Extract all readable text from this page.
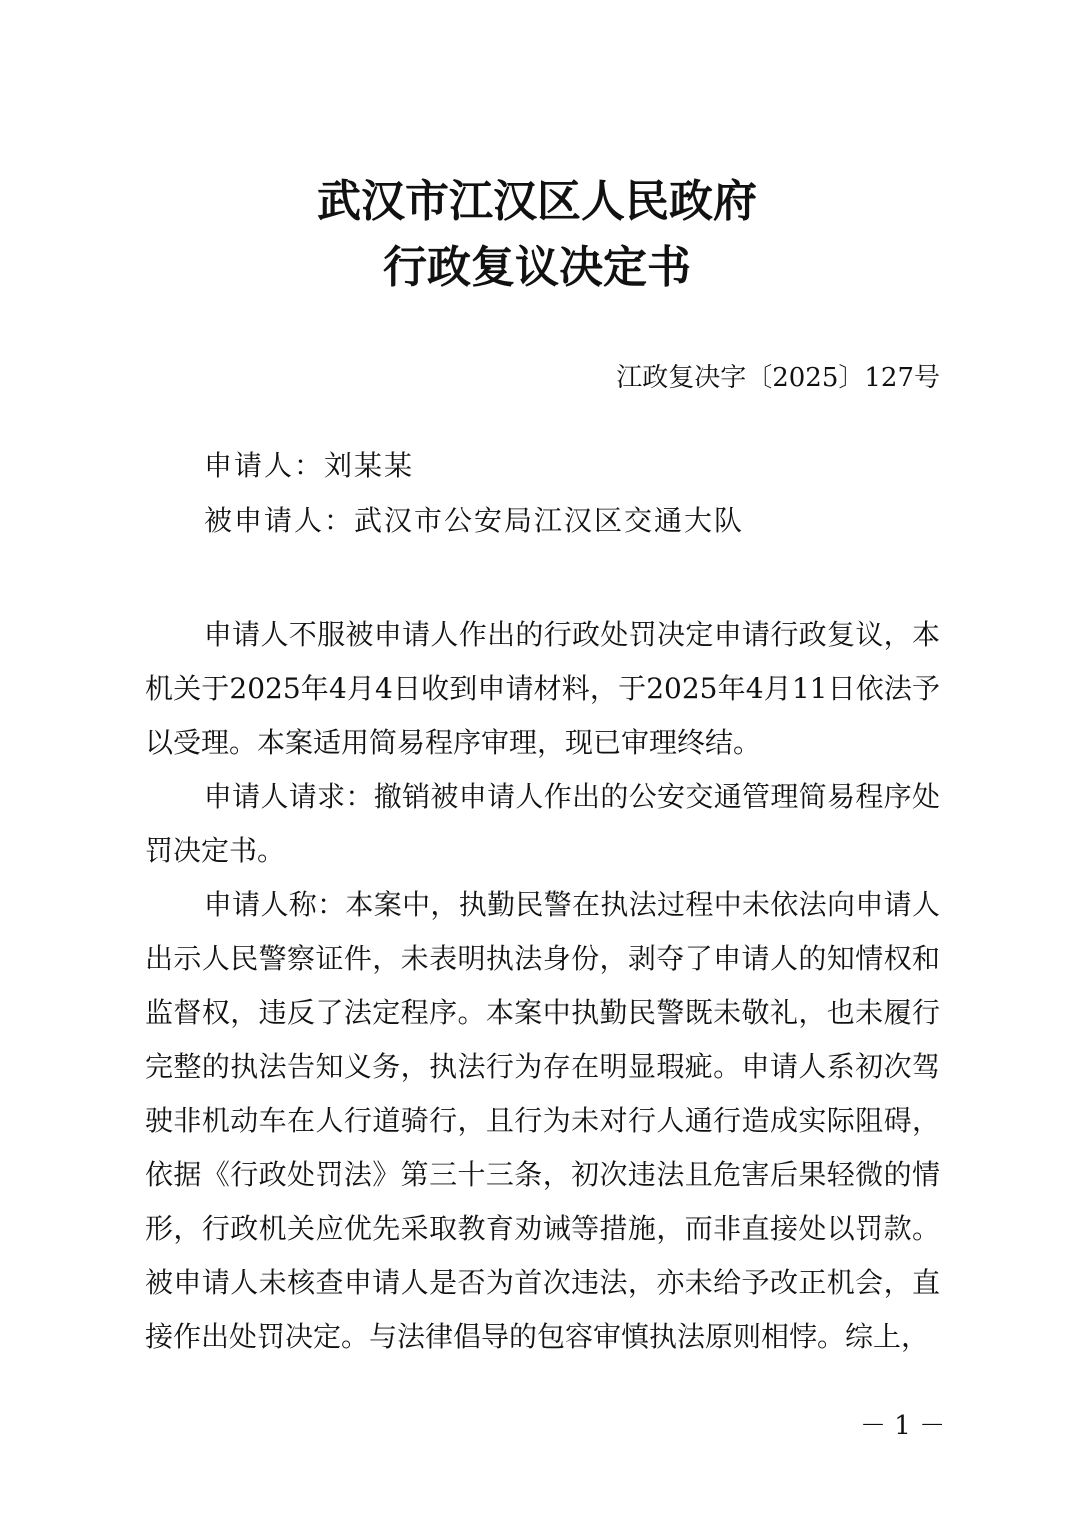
武汉市江汉区人民政府
行政复议决定书
江政复决字〔2025〕127号
申请人：刘某某
被申请人：武汉市公安局江汉区交通大队

申请人不服被申请人作出的行政处罚决定申请行政复议，本机关于2025年4月4日收到申请材料，于2025年4月11日依法予以受理。本案适用简易程序审理，现已审理终结。

申请人请求：撤销被申请人作出的公安交通管理简易程序处罚决定书。

申请人称：本案中，执勤民警在执法过程中未依法向申请人出示人民警察证件，未表明执法身份，剥夺了申请人的知情权和监督权，违反了法定程序。本案中执勤民警既未敬礼，也未履行完整的执法告知义务，执法行为存在明显瑕疵。申请人系初次驾驶非机动车在人行道骑行，且行为未对行人通行造成实际阻碍，依据《行政处罚法》第三十三条，初次违法且危害后果轻微的情形，行政机关应优先采取教育劝诫等措施，而非直接处以罚款。被申请人未核查申请人是否为首次违法，亦未给予改正机会，直接作出处罚决定。与法律倡导的包容审慎执法原则相悖。综上，

－ 1 －
